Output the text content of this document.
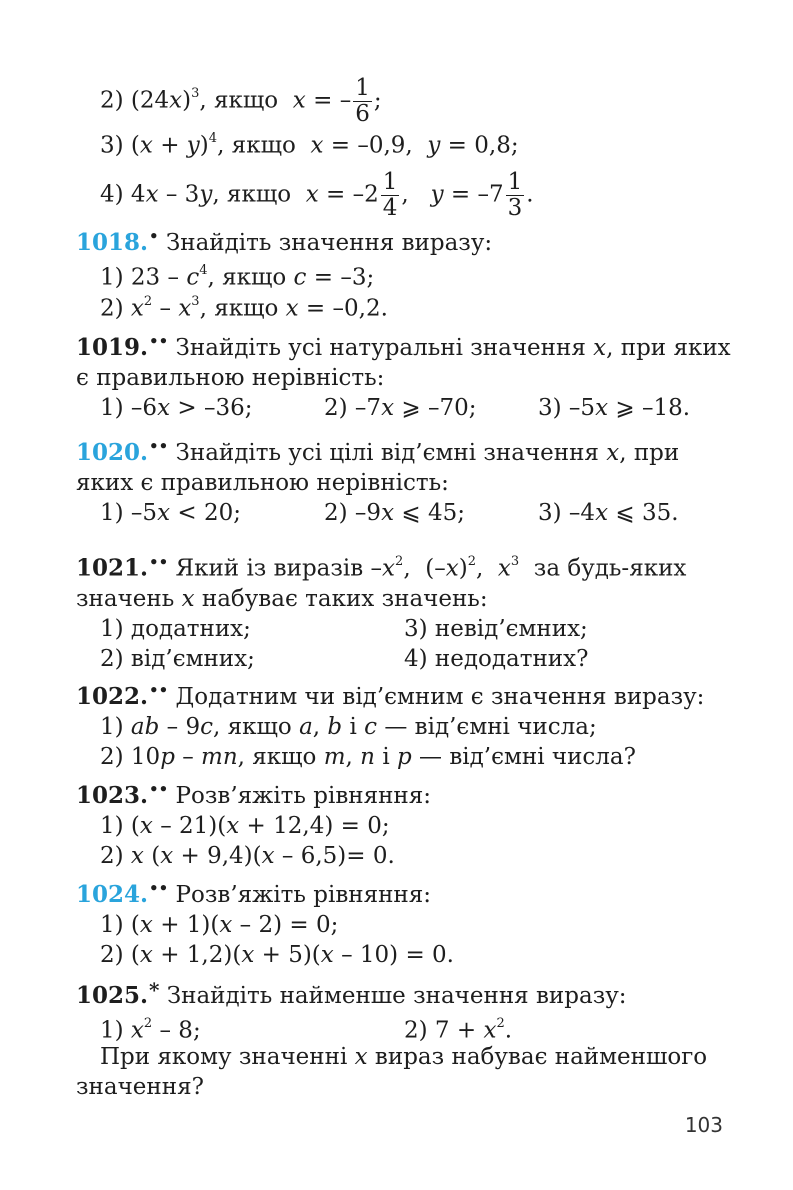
2) $(24x)^3$, якщо x = – $\frac{1}{6}$ ;
3) $(x + y)^4$, якщо x = –0,9, y = 0,8;
4) 4x – 3y, якщо $x = -2 \frac{1}{4}$ ,   $y = -7 \frac{1}{3}$ .
1018.• Знайдіть значення виразу:
1) $23 - c^4$, якщо c = –3;
2) $x^2 - x^3$, якщо x = –0,2.
1019.•• Знайдіть усі натуральні значення x, при яких
є правильною нерівність:
1) –6x > –36;	2) –7x ⩾ –70;	3) –5x ⩾ –18.
1020.•• Знайдіть усі цілі від’ємні значення x, при
яких є правильною нерівність:
1) –5x < 20;	2) –9x ⩽ 45;	3) –4x ⩽ 35.
1021.•• Який із виразів $-x^2$,  $(-x)^2$,  $x^3$ за будь-яких
значень x набуває таких значень:
1) додатних;	3) невід’ємних;
2) від’ємних;	4) недодатних?
1022.•• Додатним чи від’ємним є значення виразу:
1) ab – 9c, якщо a, b і c — від’ємні числа;
2) 10p – mn, якщо m, n і p — від’ємні числа?
1023.•• Розв’яжіть рівняння:
1) (x – 21)(x + 12,4) = 0;
2) x (x + 9,4)(x – 6,5)= 0.
1024.•• Розв’яжіть рівняння:
1) (x + 1)(x – 2) = 0;
2) (x + 1,2)(x + 5)(x – 10) = 0.
1025.* Знайдіть найменше значення виразу:
1) $x^2 - 8$;	2) $7 + x^2$.
При якому значенні x вираз набуває найменшого
значення?
103
